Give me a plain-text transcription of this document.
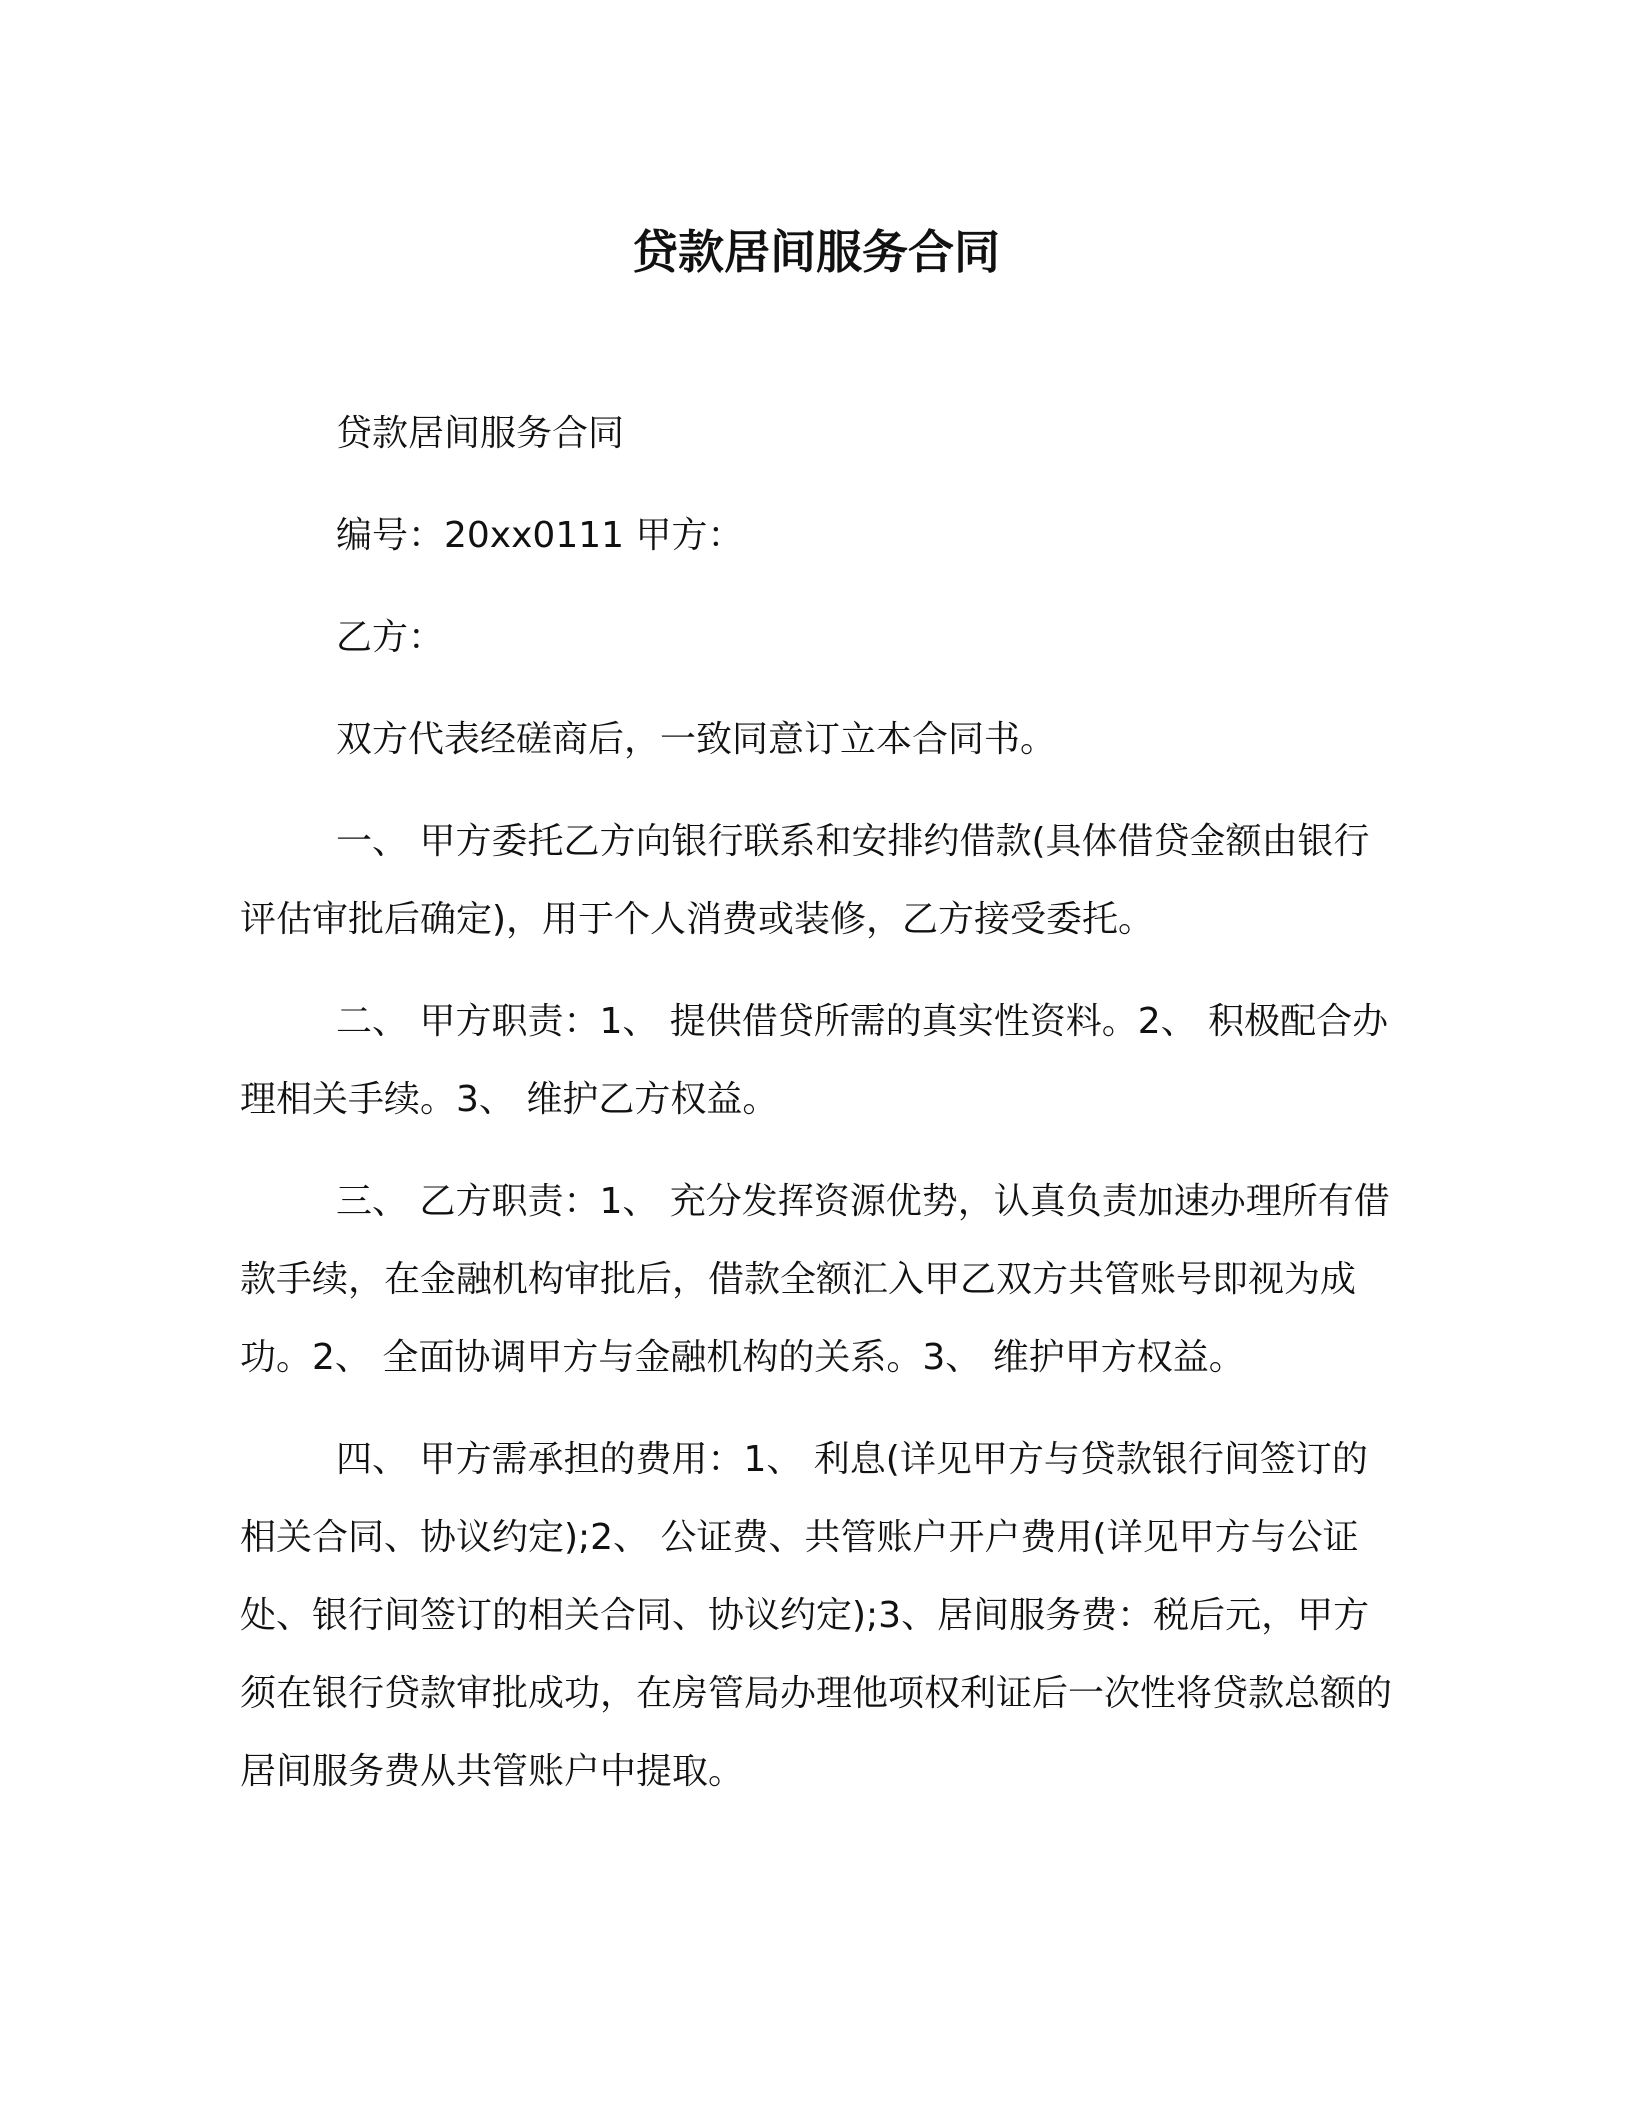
贷款居间服务合同

贷款居间服务合同

编号：20xx0111 甲方：

乙方：

双方代表经磋商后，一致同意订立本合同书。

一、 甲方委托乙方向银行联系和安排约借款(具体借贷金额由银行评估审批后确定)，用于个人消费或装修，乙方接受委托。

二、 甲方职责：1、 提供借贷所需的真实性资料。2、 积极配合办理相关手续。3、 维护乙方权益。

三、 乙方职责：1、 充分发挥资源优势，认真负责加速办理所有借款手续，在金融机构审批后，借款全额汇入甲乙双方共管账号即视为成功。2、 全面协调甲方与金融机构的关系。3、 维护甲方权益。

四、 甲方需承担的费用：1、 利息(详见甲方与贷款银行间签订的相关合同、协议约定);2、 公证费、共管账户开户费用(详见甲方与公证处、银行间签订的相关合同、协议约定);3、居间服务费：税后元，甲方须在银行贷款审批成功，在房管局办理他项权利证后一次性将贷款总额的居间服务费从共管账户中提取。
